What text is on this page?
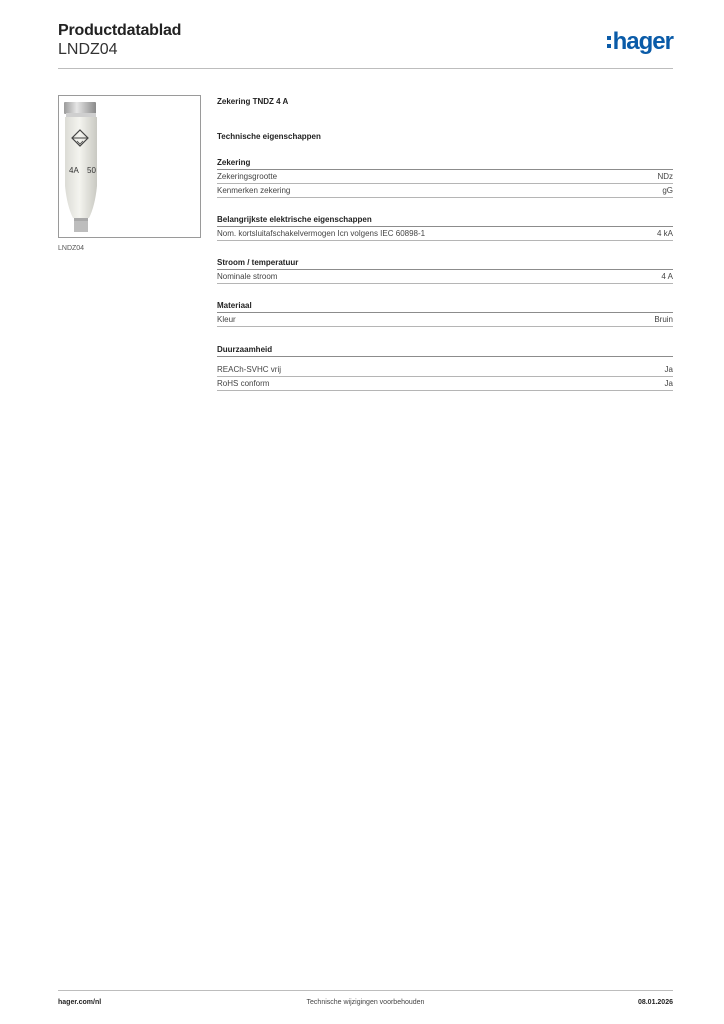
Productdatablad
LNDZ04	hager
4A 50
LNDZ04
Zekering TNDZ 4 A
Technische eigenschappen
Zekering
Zekeringsgrootte	NDz
Kenmerken zekering	gG
Belangrijkste elektrische eigenschappen
Nom. kortsluitafschakelvermogen Icn volgens IEC 60898-1	4 kA
Stroom / temperatuur
Nominale stroom	4 A
Materiaal
Kleur	Bruin
Duurzaamheid
REACh-SVHC vrij	Ja
RoHS conform	Ja
hager.com/nl	Technische wijzigingen voorbehouden	08.01.2026
